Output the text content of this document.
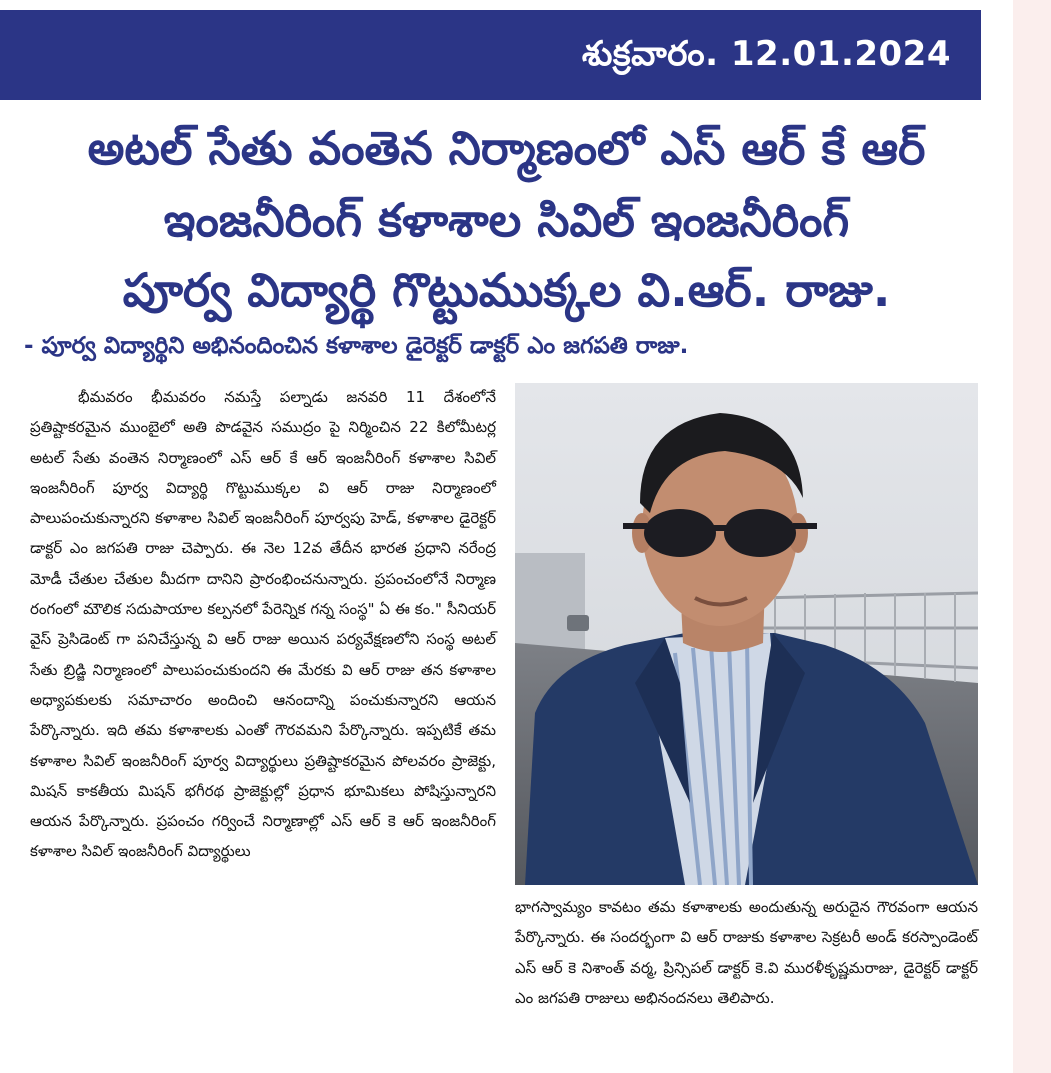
శుక్రవారం. 12.01.2024
అటల్ సేతు వంతెన నిర్మాణంలో ఎస్ ఆర్ కే ఆర్
ఇంజనీరింగ్ కళాశాల సివిల్ ఇంజనీరింగ్
పూర్వ విద్యార్థి గొట్టుముక్కల వి.ఆర్. రాజు.
- పూర్వ విద్యార్థిని అభినందించిన కళాశాల డైరెక్టర్ డాక్టర్ ఎం జగపతి రాజు.
భీమవరం భీమవరం నమస్తే పల్నాడు జనవరి 11 దేశంలోనే ప్రతిష్టాకరమైన ముంబైలో అతి పొడవైన సముద్రం పై నిర్మించిన 22 కిలోమీటర్ల అటల్ సేతు వంతెన నిర్మాణంలో ఎస్ ఆర్ కే ఆర్ ఇంజనీరింగ్ కళాశాల సివిల్ ఇంజనీరింగ్ పూర్వ విద్యార్థి గొట్టుముక్కల వి ఆర్ రాజు నిర్మాణంలో పాలుపంచుకున్నారని కళాశాల సివిల్ ఇంజనీరింగ్ పూర్వపు హెడ్, కళాశాల డైరెక్టర్ డాక్టర్ ఎం జగపతి రాజు చెప్పారు. ఈ నెల 12వ తేదీన భారత ప్రధాని నరేంద్ర మోడీ చేతుల చేతుల మీదగా దానిని ప్రారంభించనున్నారు. ప్రపంచంలోనే నిర్మాణ రంగంలో మౌలిక సదుపాయాల కల్పనలో పేరెన్నిక గన్న సంస్థ" ఏ ఈ కం." సీనియర్ వైస్ ప్రెసిడెంట్ గా పనిచేస్తున్న వి ఆర్ రాజు అయిన పర్యవేక్షణలోని సంస్థ అటల్ సేతు బ్రిడ్జి నిర్మాణంలో పాలుపంచుకుందని ఈ మేరకు వి ఆర్ రాజు తన కళాశాల అధ్యాపకులకు సమాచారం అందించి ఆనందాన్ని పంచుకున్నారని ఆయన పేర్కొన్నారు. ఇది తమ కళాశాలకు ఎంతో గౌరవమని పేర్కొన్నారు. ఇప్పటికే తమ కళాశాల సివిల్ ఇంజనీరింగ్ పూర్వ విద్యార్థులు ప్రతిష్టాకరమైన పోలవరం ప్రాజెక్టు, మిషన్ కాకతీయ మిషన్ భగీరథ ప్రాజెక్టుల్లో ప్రధాన భూమికలు పోషిస్తున్నారని ఆయన పేర్కొన్నారు. ప్రపంచం గర్వించే నిర్మాణాల్లో ఎస్ ఆర్ కె ఆర్ ఇంజనీరింగ్ కళాశాల సివిల్ ఇంజనీరింగ్ విద్యార్థులు
భాగస్వామ్యం కావటం తమ కళాశాలకు అందుతున్న అరుదైన గౌరవంగా ఆయన పేర్కొన్నారు. ఈ సందర్భంగా వి ఆర్ రాజుకు కళాశాల సెక్రటరీ అండ్ కరస్పాండెంట్ ఎస్ ఆర్ కె నిశాంత్ వర్మ, ప్రిన్సిపల్ డాక్టర్ కె.వి మురళీకృష్ణమరాజు, డైరెక్టర్ డాక్టర్ ఎం జగపతి రాజులు అభినందనలు తెలిపారు.
